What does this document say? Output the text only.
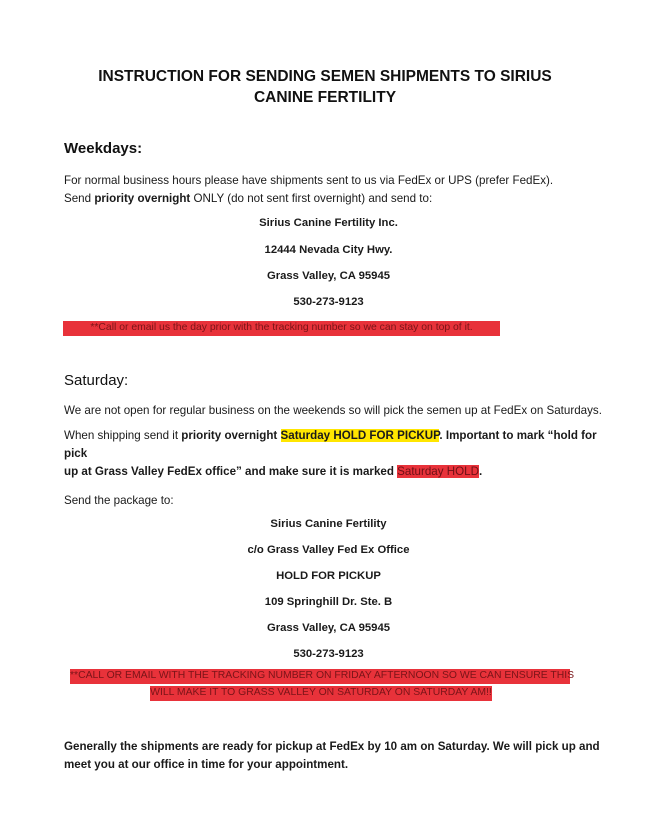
INSTRUCTION FOR SENDING SEMEN SHIPMENTS TO SIRIUS
CANINE FERTILITY
Weekdays:
For normal business hours please have shipments sent to us via FedEx or UPS (prefer FedEx).
Send priority overnight ONLY (do not sent first overnight) and send to:
Sirius Canine Fertility Inc.
12444 Nevada City Hwy.
Grass Valley, CA 95945
530-273-9123
**Call or email us the day prior with the tracking number so we can stay on top of it.
Saturday:
We are not open for regular business on the weekends so will pick the semen up at FedEx on Saturdays.
When shipping send it priority overnight Saturday HOLD FOR PICKUP. Important to mark “hold for pick
up at Grass Valley FedEx office” and make sure it is marked Saturday HOLD.
Send the package to:
Sirius Canine Fertility
c/o Grass Valley Fed Ex Office
HOLD FOR PICKUP
109 Springhill Dr. Ste. B
Grass Valley, CA 95945
530-273-9123
**CALL OR EMAIL WITH THE TRACKING NUMBER ON FRIDAY AFTERNOON SO WE CAN ENSURE THIS
WILL MAKE IT TO GRASS VALLEY ON SATURDAY ON SATURDAY AM!!
Generally the shipments are ready for pickup at FedEx by 10 am on Saturday. We will pick up and
meet you at our office in time for your appointment.
